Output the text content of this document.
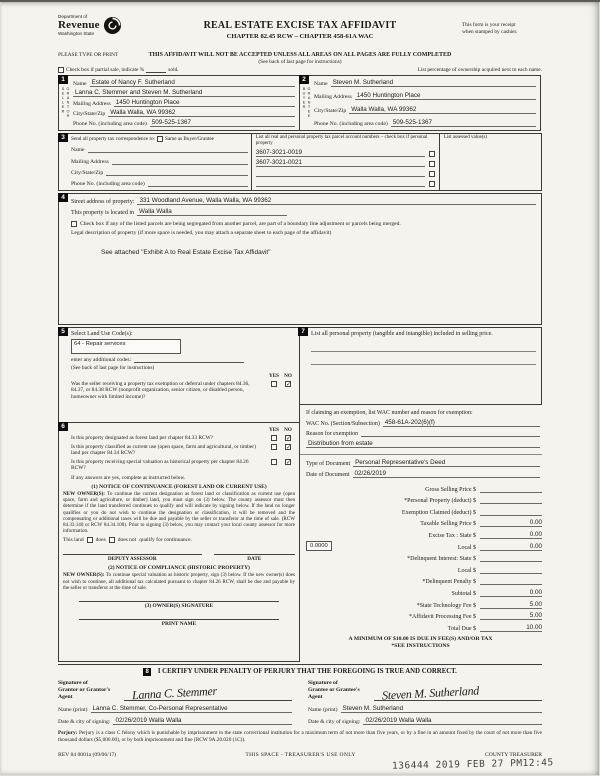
Department of
Revenue
Washington State
REAL ESTATE EXCISE TAX AFFIDAVIT
CHAPTER 82.45 RCW – CHAPTER 458-61A WAC
This form is your receipt
when stamped by cashier.
PLEASE TYPE OR PRINT	THIS AFFIDAVIT WILL NOT BE ACCEPTED UNLESS ALL AREAS ON ALL PAGES ARE FULLY COMPLETED
(See back of last page for instructions)
Check box if partial sale, indicate %	sold.	List percentage of ownership acquired next to each name.
1
SELLER GRANTOR
Name Estate of Nancy F. Sutherland
Lanna C. Stemmer and Steven M. Sutherland
Mailing Address 1450 Huntington Place
City/State/Zip Walla Walla, WA 99362
Phone No. (including area code) 509-525-1367
2
BUYER GRANTEE
Name Steven M. Sutherland
Mailing Address 1450 Huntington Place
City/State/Zip Walla Walla, WA 99362
Phone No. (including area code) 509-525-1367
3	Send all property tax correspondence to: Same as Buyer/Grantee
Name
Mailing Address
City/State/Zip
Phone No. (including area code)
List all real and personal property tax parcel account numbers – check box if personal property
3607-3021-0019
3607-3021-0021
List assessed value(s)
4
Street address of property: 331 Woodland Avenue, Walla Walla, WA 99362
This property is located in Walla Walla
Check box if any of the listed parcels are being segregated from another parcel, are part of a boundary line adjustment or parcels being merged.
Legal description of property (if more space is needed, you may attach a separate sheet to each page of the affidavit)
See attached "Exhibit A to Real Estate Excise Tax Affidavit"
5	Select Land Use Code(s):
64 - Repair services
enter any additional codes:
(See back of last page for instructions)
YES NO
Was the seller receiving a property tax exemption or deferral under chapters 84.36, 84.37, or 84.38 RCW (nonprofit organization, senior citizen, or disabled person, homeowner with limited income)?
✓
6	YES NO
Is this property designated as forest land per chapter 84.33 RCW?	✓
Is this property classified as current use (open space, farm and agricultural, or timber) land per chapter 84.34 RCW?
✓
Is this property receiving special valuation as historical property per chapter 84.26 RCW?
✓
If any answers are yes, complete as instructed below.
(1) NOTICE OF CONTINUANCE (FOREST LAND OR CURRENT USE)
NEW OWNER(S): To continue the current designation as forest land or classification as current use (open space, farm and agriculture, or timber) land, you must sign on (3) below. The county assessor must then determine if the land transferred continues to qualify and will indicate by signing below. If the land no longer qualifies or you do not wish to continue the designation or classification, it will be removed and the compensating or additional taxes will be due and payable by the seller or transferor at the time of sale. (RCW 84.33.140 or RCW 84.34.108). Prior to signing (3) below, you may contact your local county assessor for more information.
This land does does not qualify for continuance.
DEPUTY ASSESSOR	DATE
(2) NOTICE OF COMPLIANCE (HISTORIC PROPERTY)
NEW OWNER(S): To continue special valuation as historic property, sign (3) below. If the new owner(s) does not wish to continue, all additional tax calculated pursuant to chapter 84.26 RCW, shall be due and payable by the seller or transferor at the time of sale.
(3) OWNER(S) SIGNATURE
PRINT NAME
7	List all personal property (tangible and intangible) included in selling price.
If claiming an exemption, list WAC number and reason for exemption:
WAC No. (Section/Subsection) 458-61A-202(6)(f)
Reason for exemption
Distribution from estate
Type of Document Personal Representative's Deed
Date of Document 02/26/2019
Gross Selling Price $
*Personal Property (deduct) $
Exemption Claimed (deduct) $
Taxable Selling Price $	0.00
Excise Tax : State $	0.00
0.0000	Local $	0.00
*Delinquent Interest: State $
Local $
*Delinquent Penalty $
Subtotal $	0.00
*State Technology Fee $	5.00
*Affidavit Processing Fee $	5.00
Total Due $	10.00
A MINIMUM OF $10.00 IS DUE IN FEE(S) AND/OR TAX
*SEE INSTRUCTIONS
8 I CERTIFY UNDER PENALTY OF PERJURY THAT THE FOREGOING IS TRUE AND CORRECT.
Signature of
Grantor or Grantor's Agent	Lanna C. Stemmer
Name (print) Lanna C. Stemmer, Co-Personal Representative
Date & city of signing: 02/26/2019 Walla Walla
Signature of
Grantee or Grantee's Agent	Steven M. Sutherland
Name (print) Steven M. Sutherland
Date & city of signing: 02/26/2019 Walla Walla
Perjury: Perjury is a class C felony which is punishable by imprisonment in the state correctional institution for a maximum term of not more than five years, or by a fine in an amount fixed by the court of not more than five thousand dollars ($5,000.00), or by both imprisonment and fine (RCW 9A.20.020 (1C)).
REV 84 0001a (09/06/17)	THIS SPACE - TREASURER'S USE ONLY	COUNTY TREASURER
136444 2019 FEB 27 PM12:45
